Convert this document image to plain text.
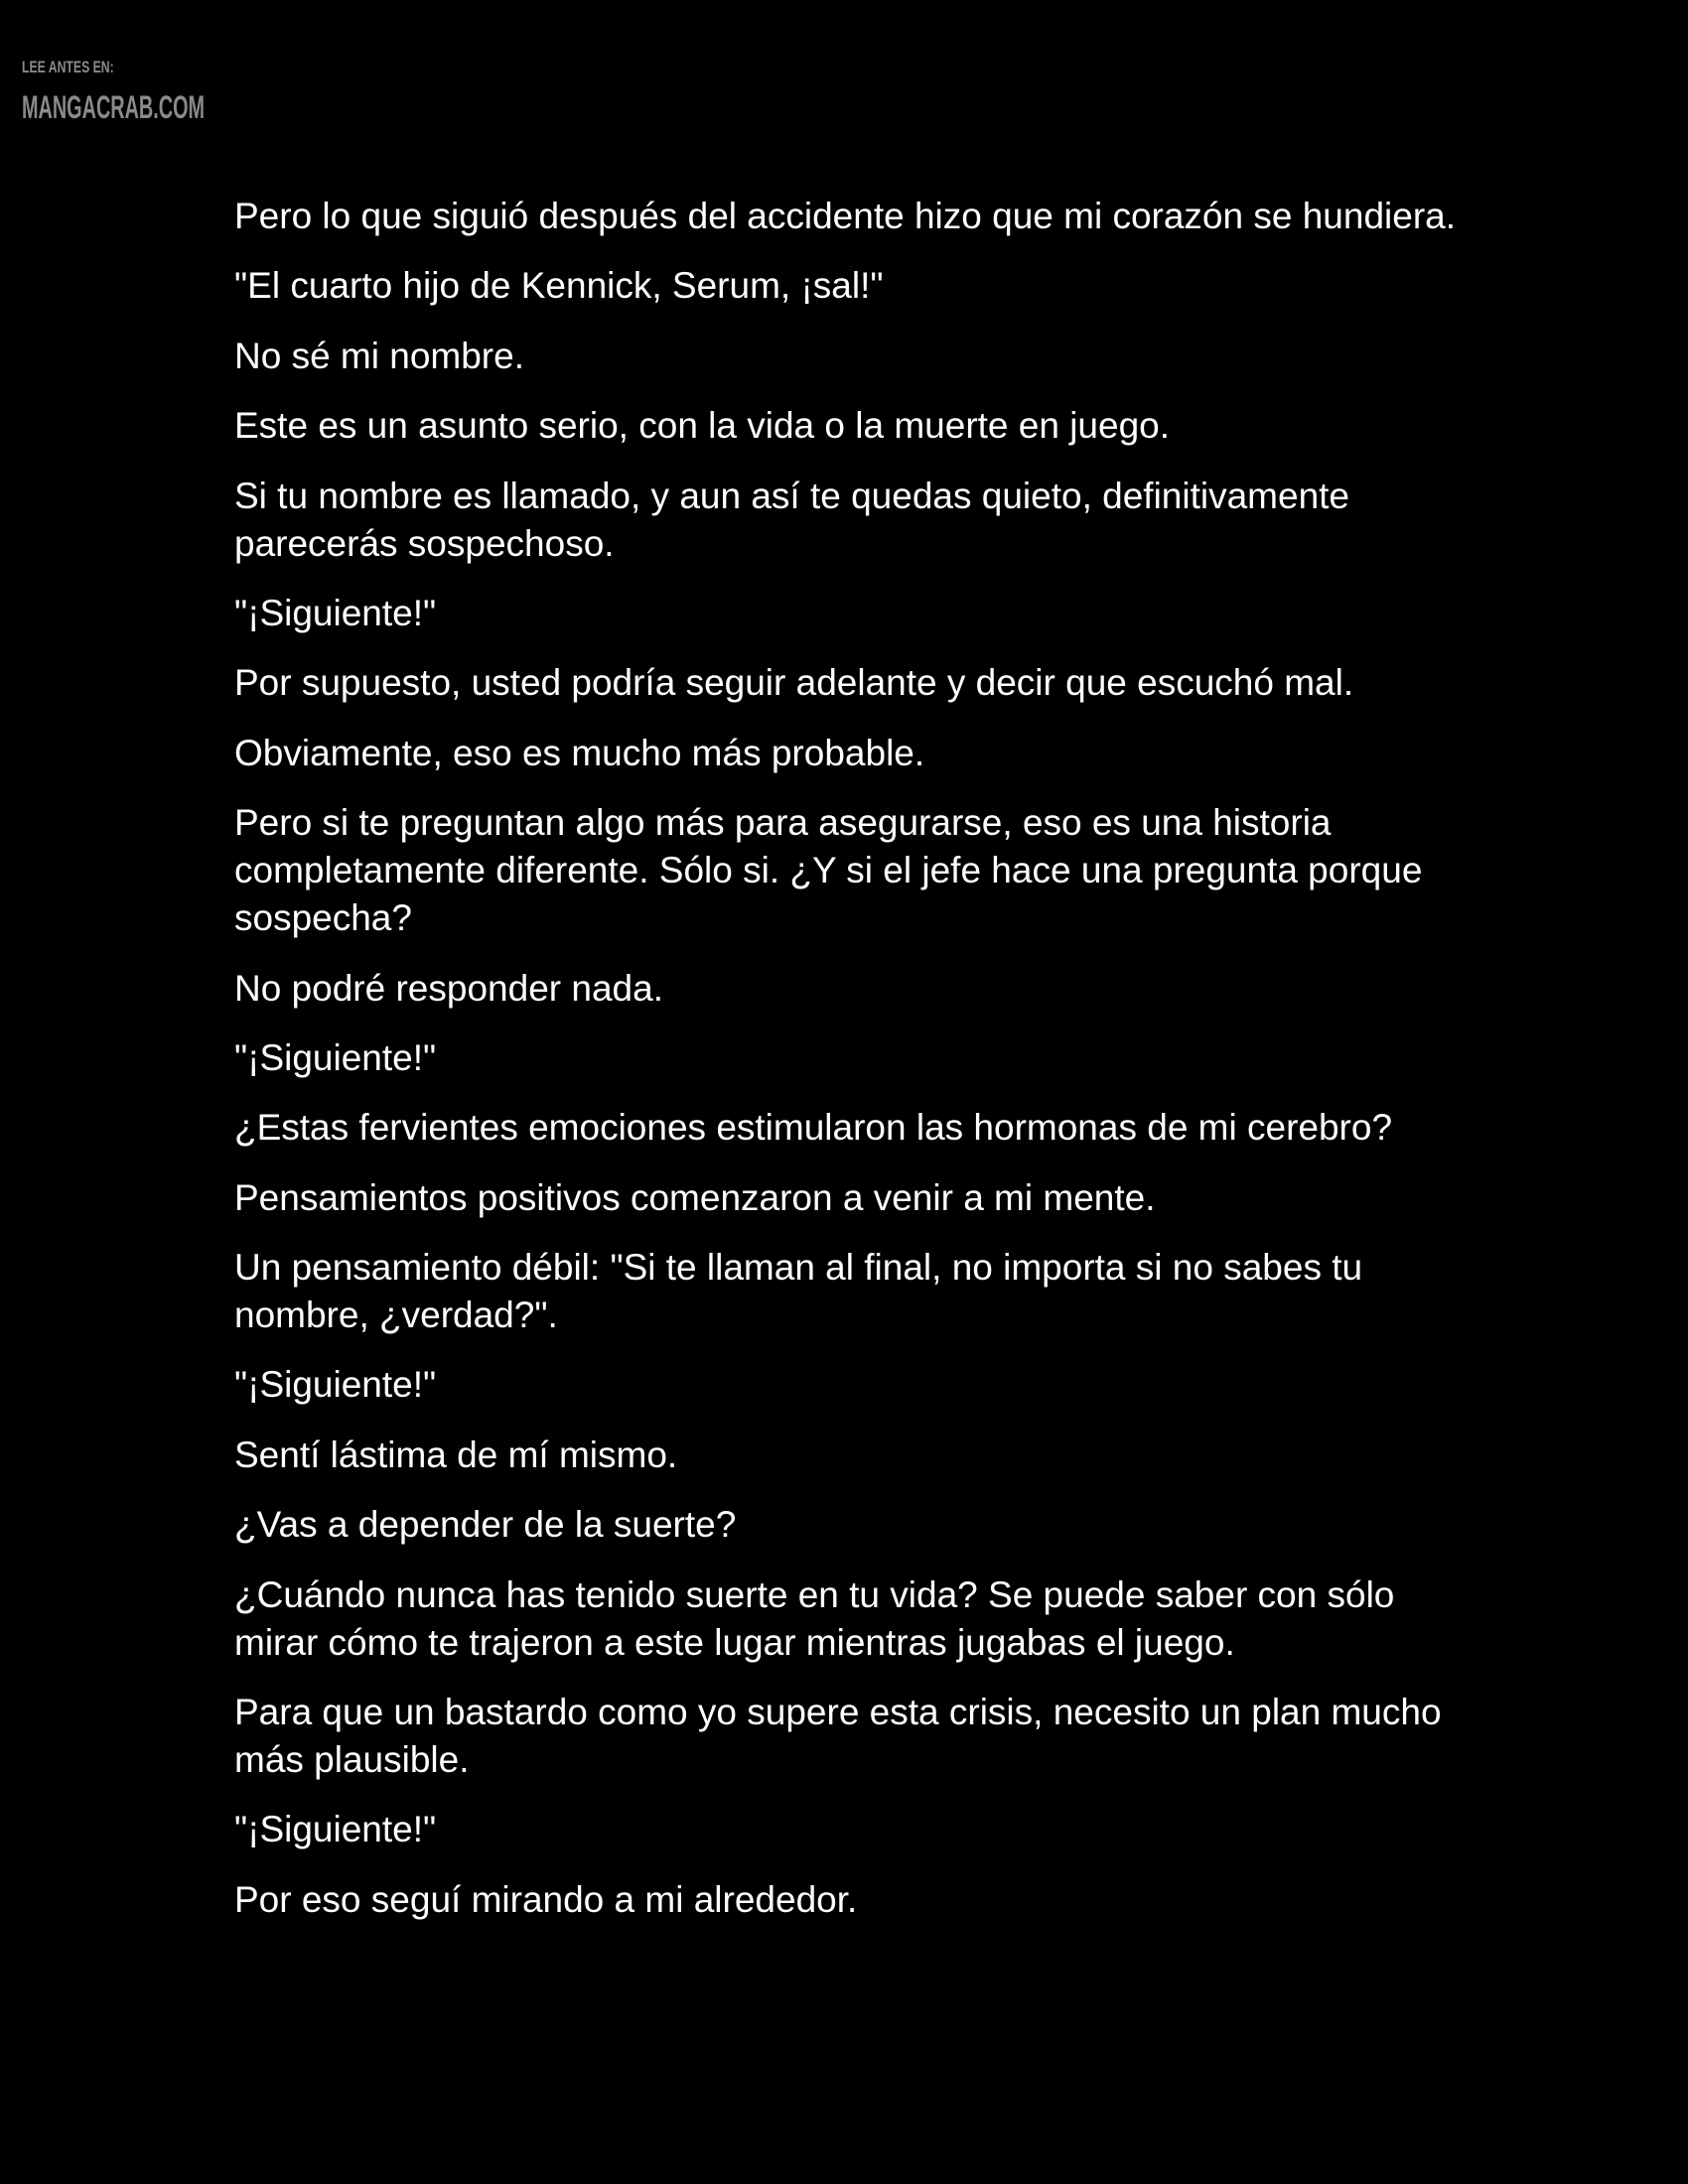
LEE ANTES EN:
MANGACRAB.COM

Pero lo que siguió después del accidente hizo que mi corazón se hundiera.

"El cuarto hijo de Kennick, Serum, ¡sal!"

No sé mi nombre.

Este es un asunto serio, con la vida o la muerte en juego.

Si tu nombre es llamado, y aun así te quedas quieto, definitivamente parecerás sospechoso.

"¡Siguiente!"

Por supuesto, usted podría seguir adelante y decir que escuchó mal.

Obviamente, eso es mucho más probable.

Pero si te preguntan algo más para asegurarse, eso es una historia completamente diferente. Sólo si. ¿Y si el jefe hace una pregunta porque sospecha?

No podré responder nada.

"¡Siguiente!"

¿Estas fervientes emociones estimularon las hormonas de mi cerebro?

Pensamientos positivos comenzaron a venir a mi mente.

Un pensamiento débil: "Si te llaman al final, no importa si no sabes tu nombre, ¿verdad?".

"¡Siguiente!"

Sentí lástima de mí mismo.

¿Vas a depender de la suerte?

¿Cuándo nunca has tenido suerte en tu vida? Se puede saber con sólo mirar cómo te trajeron a este lugar mientras jugabas el juego.

Para que un bastardo como yo supere esta crisis, necesito un plan mucho más plausible.

"¡Siguiente!"

Por eso seguí mirando a mi alrededor.
